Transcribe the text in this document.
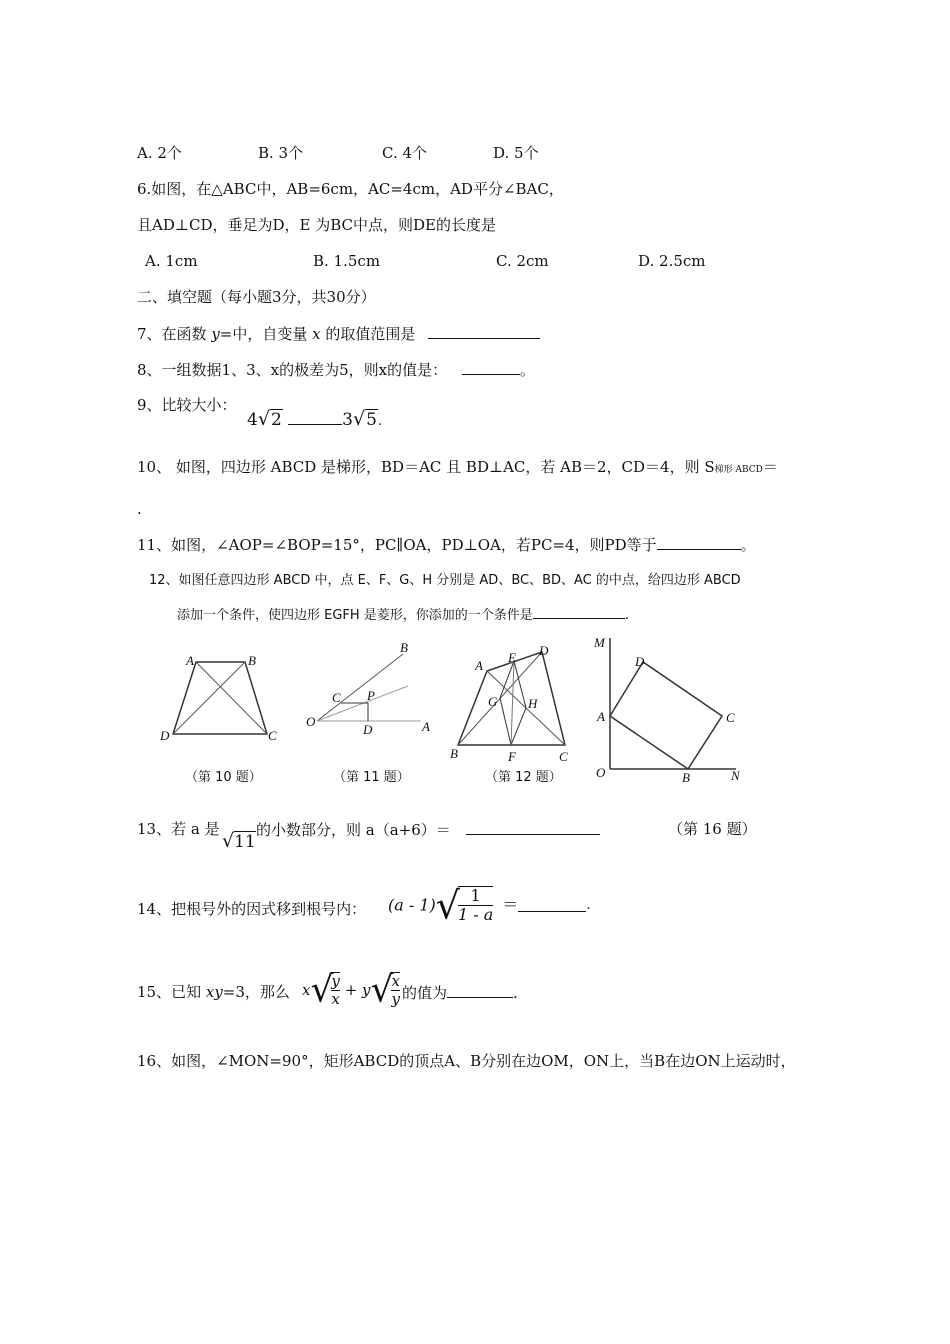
A. 2个	B. 3个	C. 4个	D. 5个
6.如图，在△ABC中，AB=6cm，AC=4cm，AD平分∠BAC，
且AD⊥CD，垂足为D，E 为BC中点，则DE的长度是
A. 1cm	B. 1.5cm	C. 2cm	D. 2.5cm
二、填空题（每小题3分，共30分）
7、在函数 y=中，自变量 x 的取值范围是
8、一组数据1、3、x的极差为5，则x的值是：	。
9、比较大小：
4√2	3√5.
10、 如图，四边形 ABCD 是梯形，BD＝AC 且 BD⊥AC，若 AB＝2，CD＝4，则 S梯形 ABCD＝
.
11、如图，∠AOP=∠BOP=15°，PC∥OA，PD⊥OA，若PC=4，则PD等于	。
12、如图任意四边形 ABCD 中，点 E、F、G、H 分别是 AD、BC、BD、AC 的中点，给四边形 ABCD
添加一个条件，使四边形 EGFH 是菱形，你添加的一个条件是	.
A	B
C
D
（第 10 题）
B
C P
O
D	A
（第 11 题）
A
E D
G H
B	F	C
（第 12 题）
M
D
A	C
O	B	N
13、若 a 是
√11
的小数部分，则 a（a+6）＝	（第 16 题）
14、把根号外的因式移到根号内： (a - 1)√
$\frac{1}{1 - a}$ ＝	.
15、已知 xy=3，那么 x√
$\frac{y}{x} + y√$
$\frac{x}{y}$ 的值为	.
16、如图，∠MON=90°，矩形ABCD的顶点A、B分别在边OM，ON上，当B在边ON上运动时，
